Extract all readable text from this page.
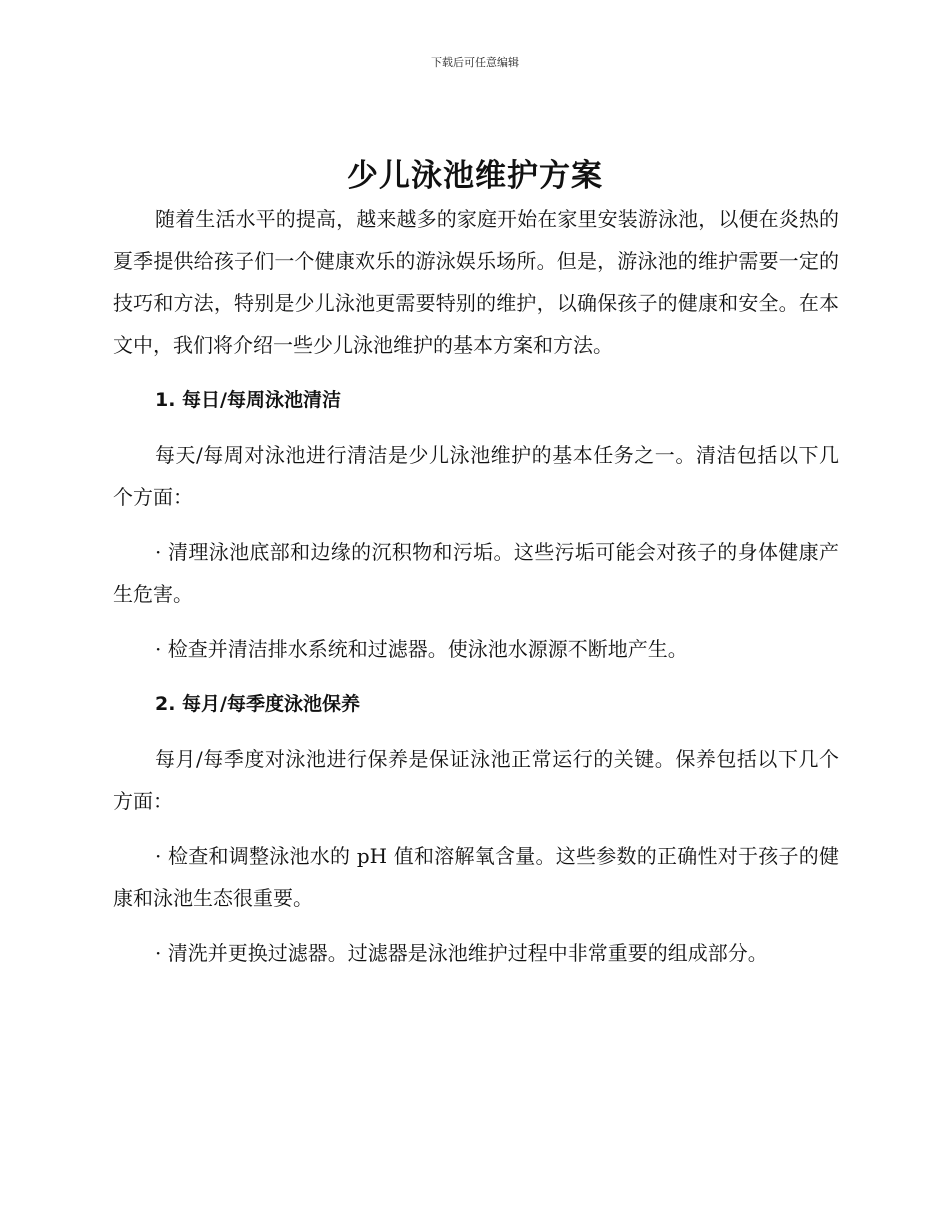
下载后可任意编辑
少儿泳池维护方案

随着生活水平的提高，越来越多的家庭开始在家里安装游泳池，以便在炎热的夏季提供给孩子们一个健康欢乐的游泳娱乐场所。但是，游泳池的维护需要一定的技巧和方法，特别是少儿泳池更需要特别的维护，以确保孩子的健康和安全。在本文中，我们将介绍一些少儿泳池维护的基本方案和方法。

1. 每日/每周泳池清洁

每天/每周对泳池进行清洁是少儿泳池维护的基本任务之一。清洁包括以下几个方面：

· 清理泳池底部和边缘的沉积物和污垢。这些污垢可能会对孩子的身体健康产生危害。

· 检查并清洁排水系统和过滤器。使泳池水源源不断地产生。

2. 每月/每季度泳池保养

每月/每季度对泳池进行保养是保证泳池正常运行的关键。保养包括以下几个方面：

· 检查和调整泳池水的 pH 值和溶解氧含量。这些参数的正确性对于孩子的健康和泳池生态很重要。

· 清洗并更换过滤器。过滤器是泳池维护过程中非常重要的组成部分。
